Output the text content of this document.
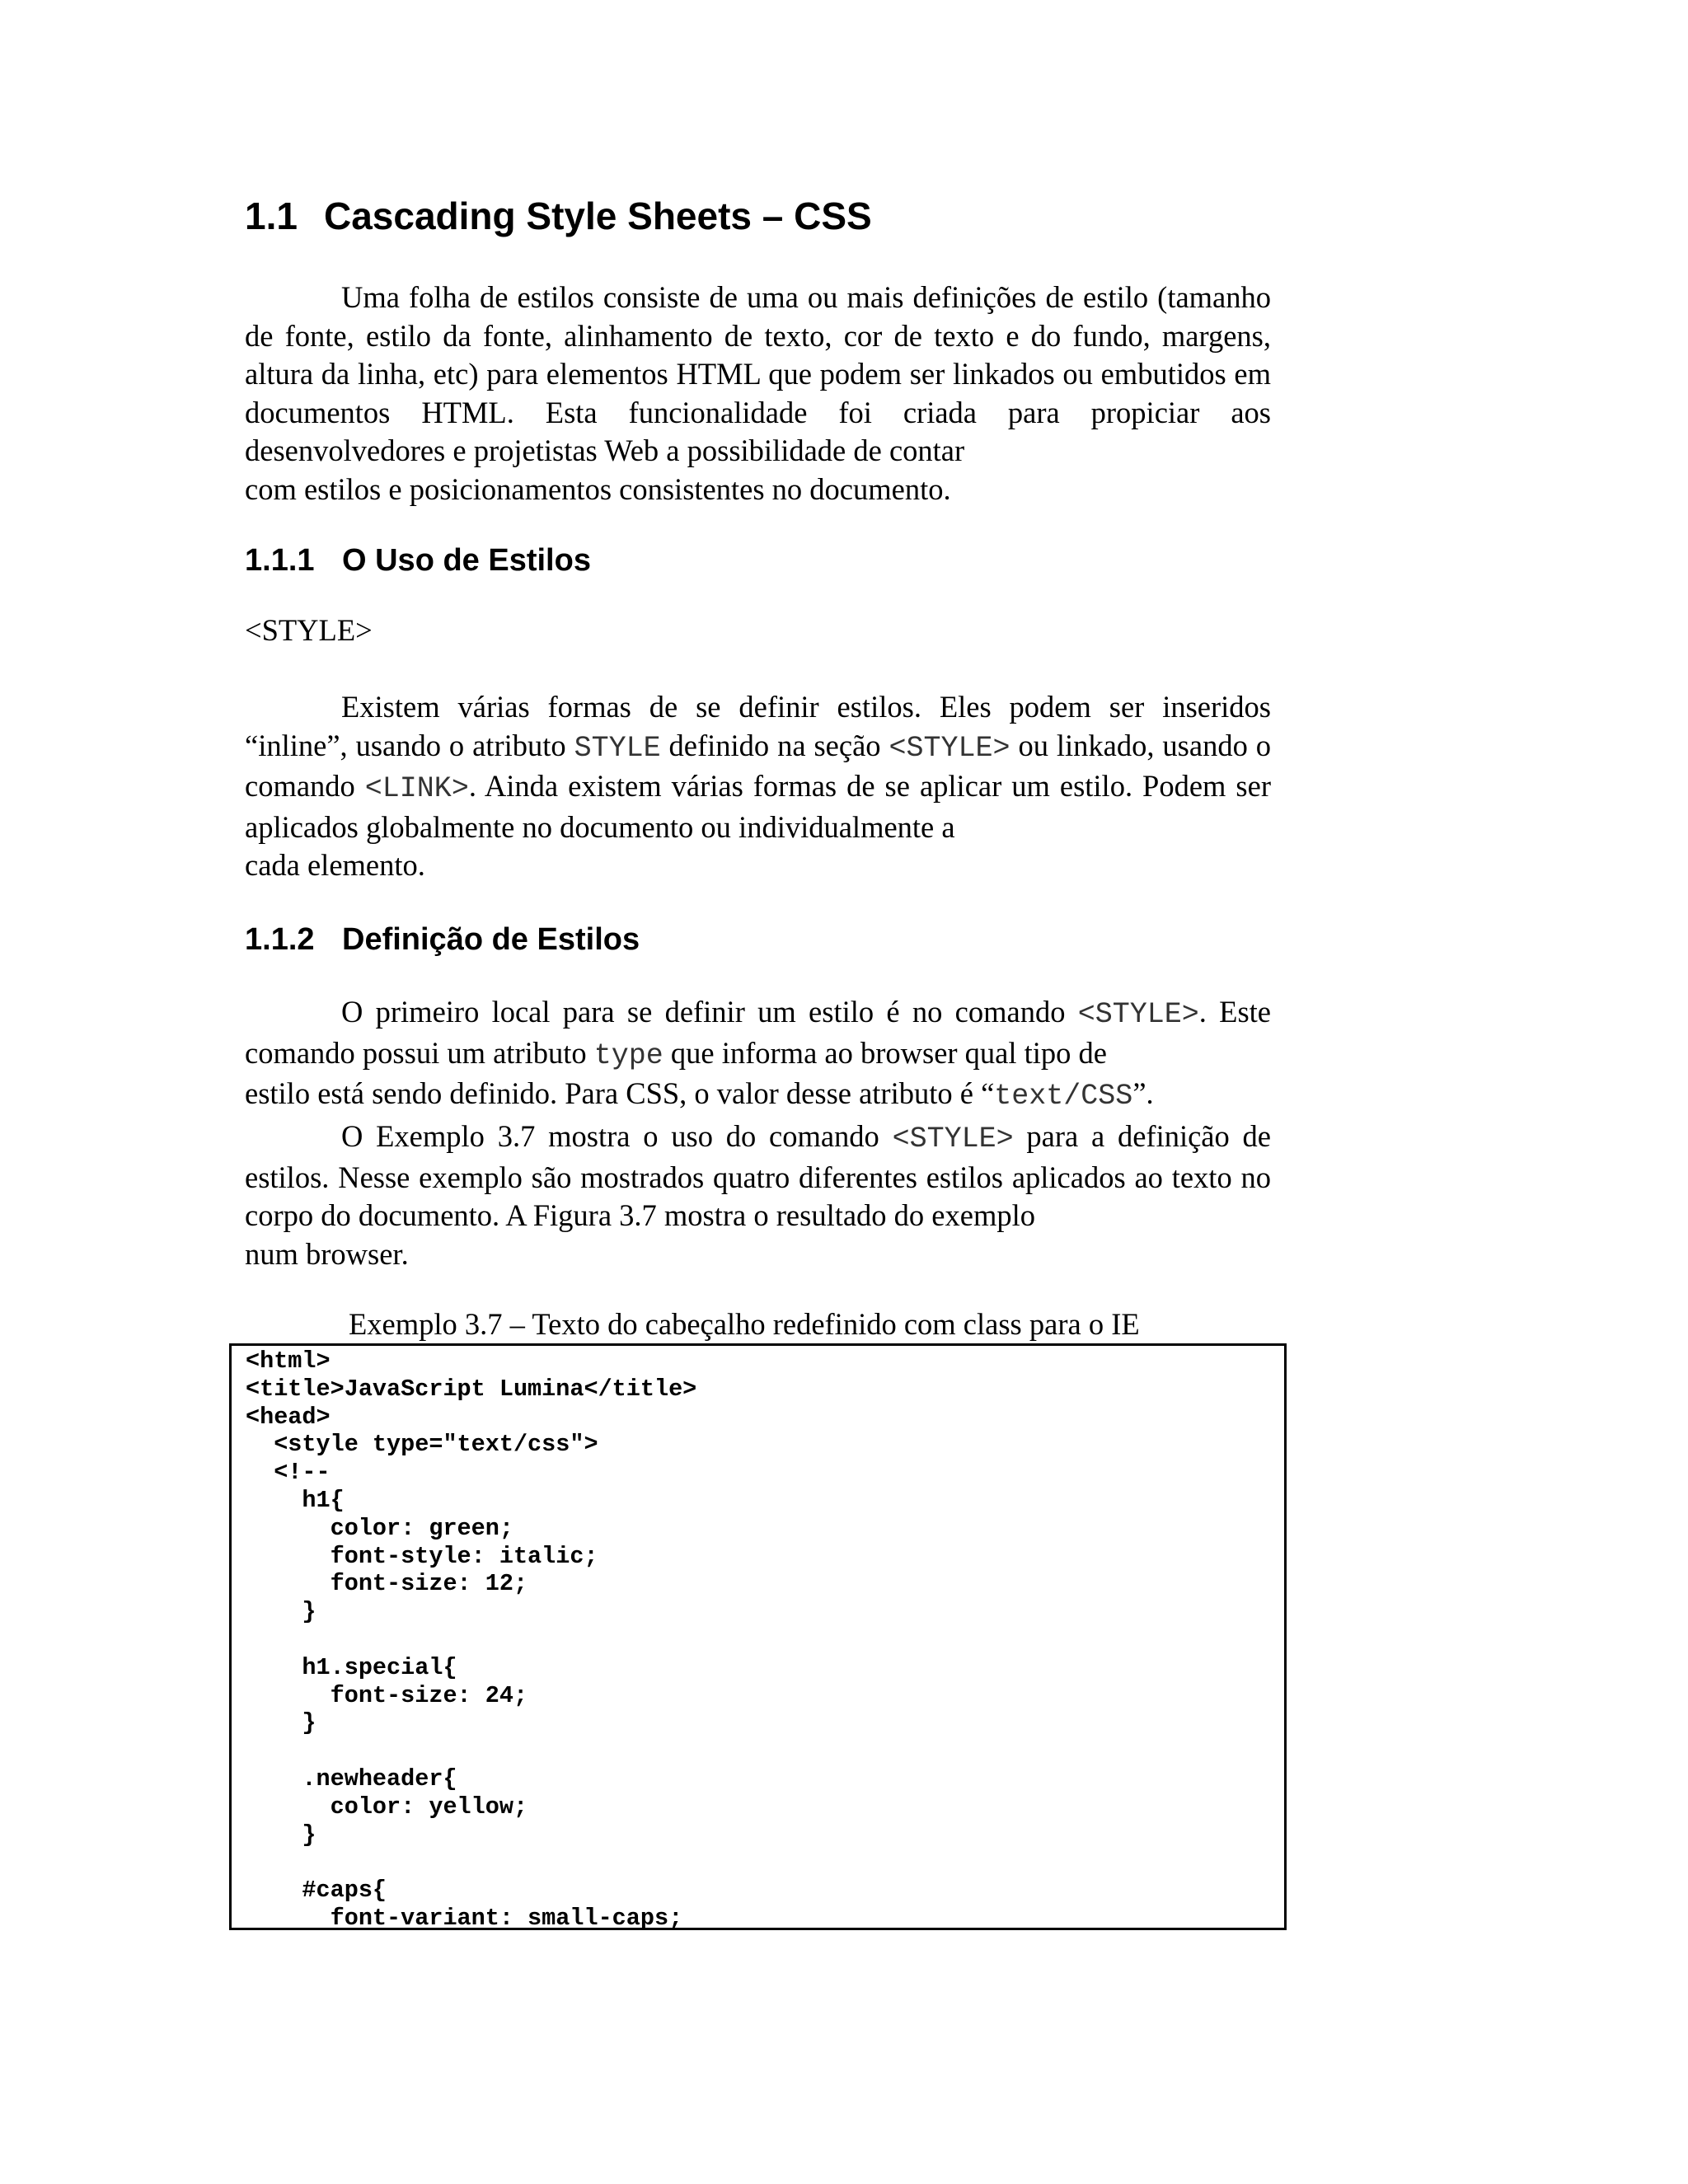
1.1 Cascading Style Sheets – CSS

Uma folha de estilos consiste de uma ou mais definições de estilo (tamanho de fonte, estilo da fonte, alinhamento de texto, cor de texto e do fundo, margens, altura da linha, etc) para elementos HTML que podem ser linkados ou embutidos em documentos HTML. Esta funcionalidade foi criada para propiciar aos desenvolvedores e projetistas Web a possibilidade de contar
com estilos e posicionamentos consistentes no documento.

1.1.1 O Uso de Estilos

<STYLE>

Existem várias formas de se definir estilos. Eles podem ser inseridos “inline”, usando o atributo STYLE definido na seção <STYLE> ou linkado, usando o comando <LINK>. Ainda existem várias formas de se aplicar um estilo. Podem ser aplicados globalmente no documento ou individualmente a
cada elemento.

1.1.2 Definição de Estilos

O primeiro local para se definir um estilo é no comando <STYLE>. Este comando possui um atributo type que informa ao browser qual tipo de
estilo está sendo definido. Para CSS, o valor desse atributo é “text/CSS”.

O Exemplo 3.7 mostra o uso do comando <STYLE> para a definição de estilos. Nesse exemplo são mostrados quatro diferentes estilos aplicados ao texto no corpo do documento. A Figura 3.7 mostra o resultado do exemplo
num browser.

Exemplo 3.7 – Texto do cabeçalho redefinido com class para o IE

<html>
<title>JavaScript Lumina</title>
<head>
<style type="text/css">
<!--
h1{
color: green;
font-style: italic;
font-size: 12;
}

h1.special{
font-size: 24;
}

.newheader{
color: yellow;
}

#caps{
font-variant: small-caps;
